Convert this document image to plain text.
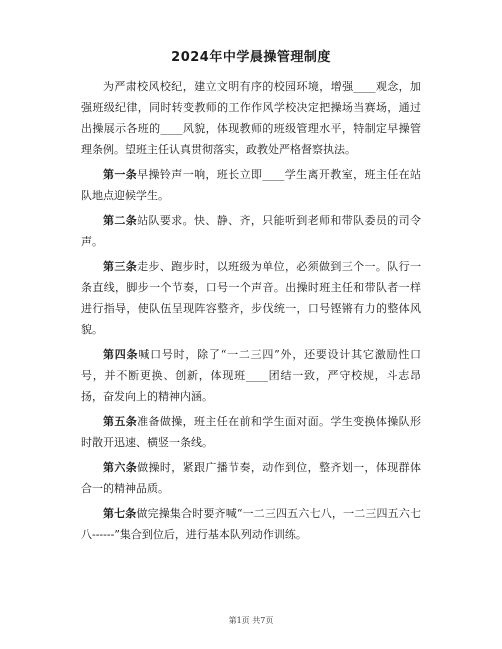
2024年中学晨操管理制度

为严肃校风校纪，建立文明有序的校园环境，增强____观念，加强班级纪律，同时转变教师的工作作风学校决定把操场当赛场，通过出操展示各班的____风貌，体现教师的班级管理水平，特制定早操管理条例。望班主任认真贯彻落实，政教处严格督察执法。

第一条早操铃声一响，班长立即____学生离开教室，班主任在站队地点迎候学生。

第二条站队要求。快、静、齐，只能听到老师和带队委员的司令声。

第三条走步、跑步时，以班级为单位，必须做到三个一。队行一条直线，脚步一个节奏，口号一个声音。出操时班主任和带队者一样进行指导，使队伍呈现阵容整齐，步伐统一，口号铿锵有力的整体风貌。

第四条喊口号时，除了“一二三四”外，还要设计其它激励性口号，并不断更换、创新，体现班____团结一致，严守校规，斗志昂扬，奋发向上的精神内涵。

第五条准备做操，班主任在前和学生面对面。学生变换体操队形时散开迅速、横竖一条线。

第六条做操时，紧跟广播节奏，动作到位，整齐划一，体现群体合一的精神品质。

第七条做完操集合时要齐喊“一二三四五六七八，一二三四五六七八------”集合到位后，进行基本队列动作训练。

第1页 共7页
